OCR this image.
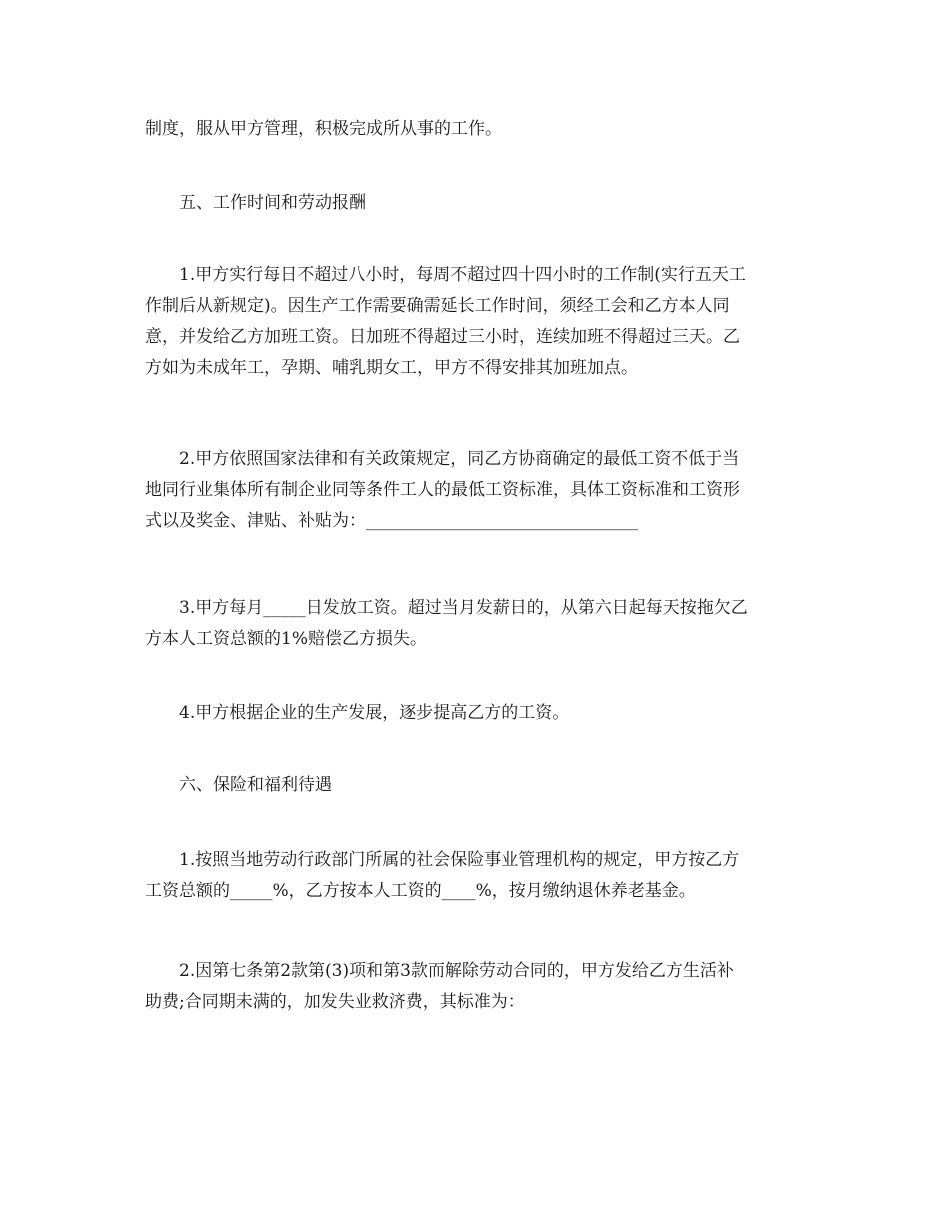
制度，服从甲方管理，积极完成所从事的工作。

五、工作时间和劳动报酬

1.甲方实行每日不超过八小时，每周不超过四十四小时的工作制(实行五天工
作制后从新规定)。因生产工作需要确需延长工作时间，须经工会和乙方本人同
意，并发给乙方加班工资。日加班不得超过三小时，连续加班不得超过三天。乙
方如为未成年工，孕期、哺乳期女工，甲方不得安排其加班加点。

2.甲方依照国家法律和有关政策规定，同乙方协商确定的最低工资不低于当
地同行业集体所有制企业同等条件工人的最低工资标准，具体工资标准和工资形
式以及奖金、津贴、补贴为：________________________________

3.甲方每月_____日发放工资。超过当月发薪日的，从第六日起每天按拖欠乙
方本人工资总额的1%赔偿乙方损失。

4.甲方根据企业的生产发展，逐步提高乙方的工资。

六、保险和福利待遇

1.按照当地劳动行政部门所属的社会保险事业管理机构的规定，甲方按乙方
工资总额的_____%，乙方按本人工资的____%，按月缴纳退休养老基金。

2.因第七条第2款第(3)项和第3款而解除劳动合同的，甲方发给乙方生活补
助费;合同期未满的，加发失业救济费，其标准为：
